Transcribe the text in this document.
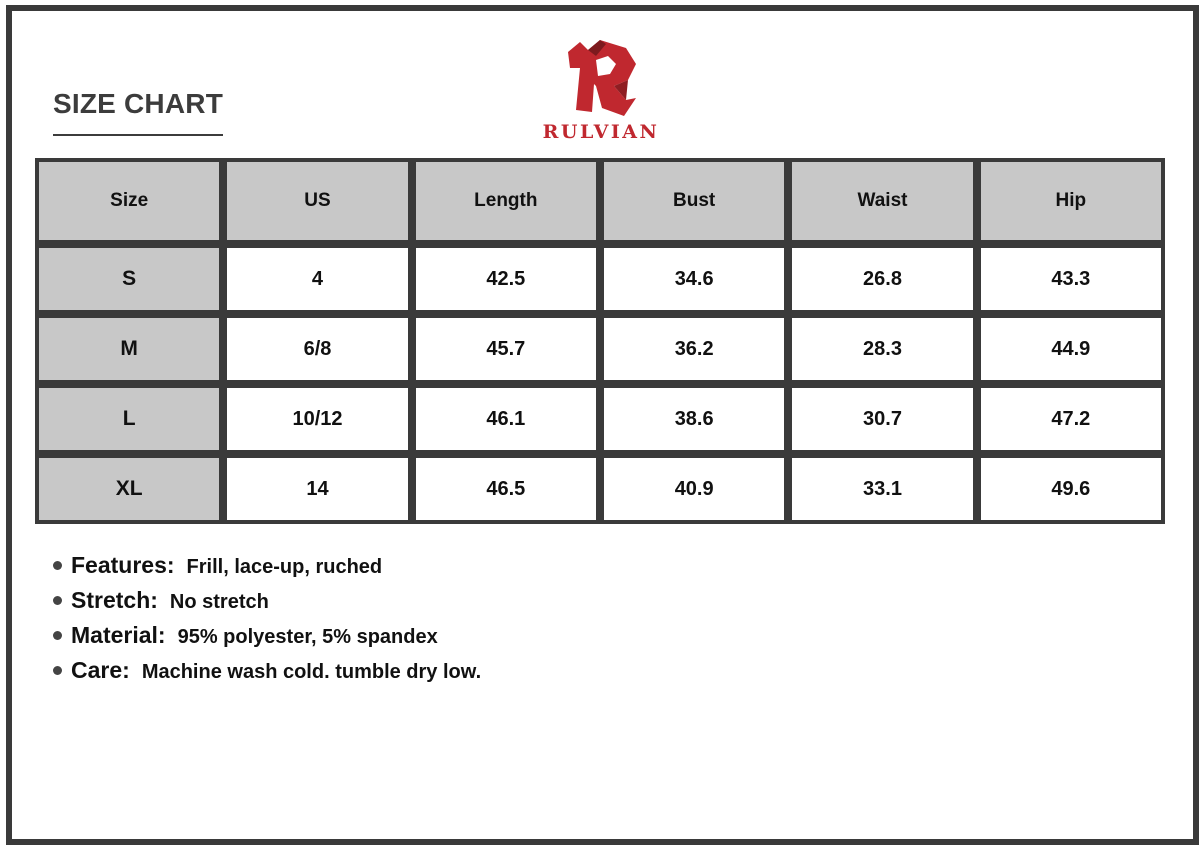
SIZE CHART
RULVIAN
Size	US	Length	Bust	Waist	Hip
S	4	42.5	34.6	26.8	43.3
M	6/8	45.7	36.2	28.3	44.9
L	10/12	46.1	38.6	30.7	47.2
XL	14	46.5	40.9	33.1	49.6
Features: Frill, lace-up, ruched
Stretch: No stretch
Material: 95% polyester, 5% spandex
Care: Machine wash cold. tumble dry low.
